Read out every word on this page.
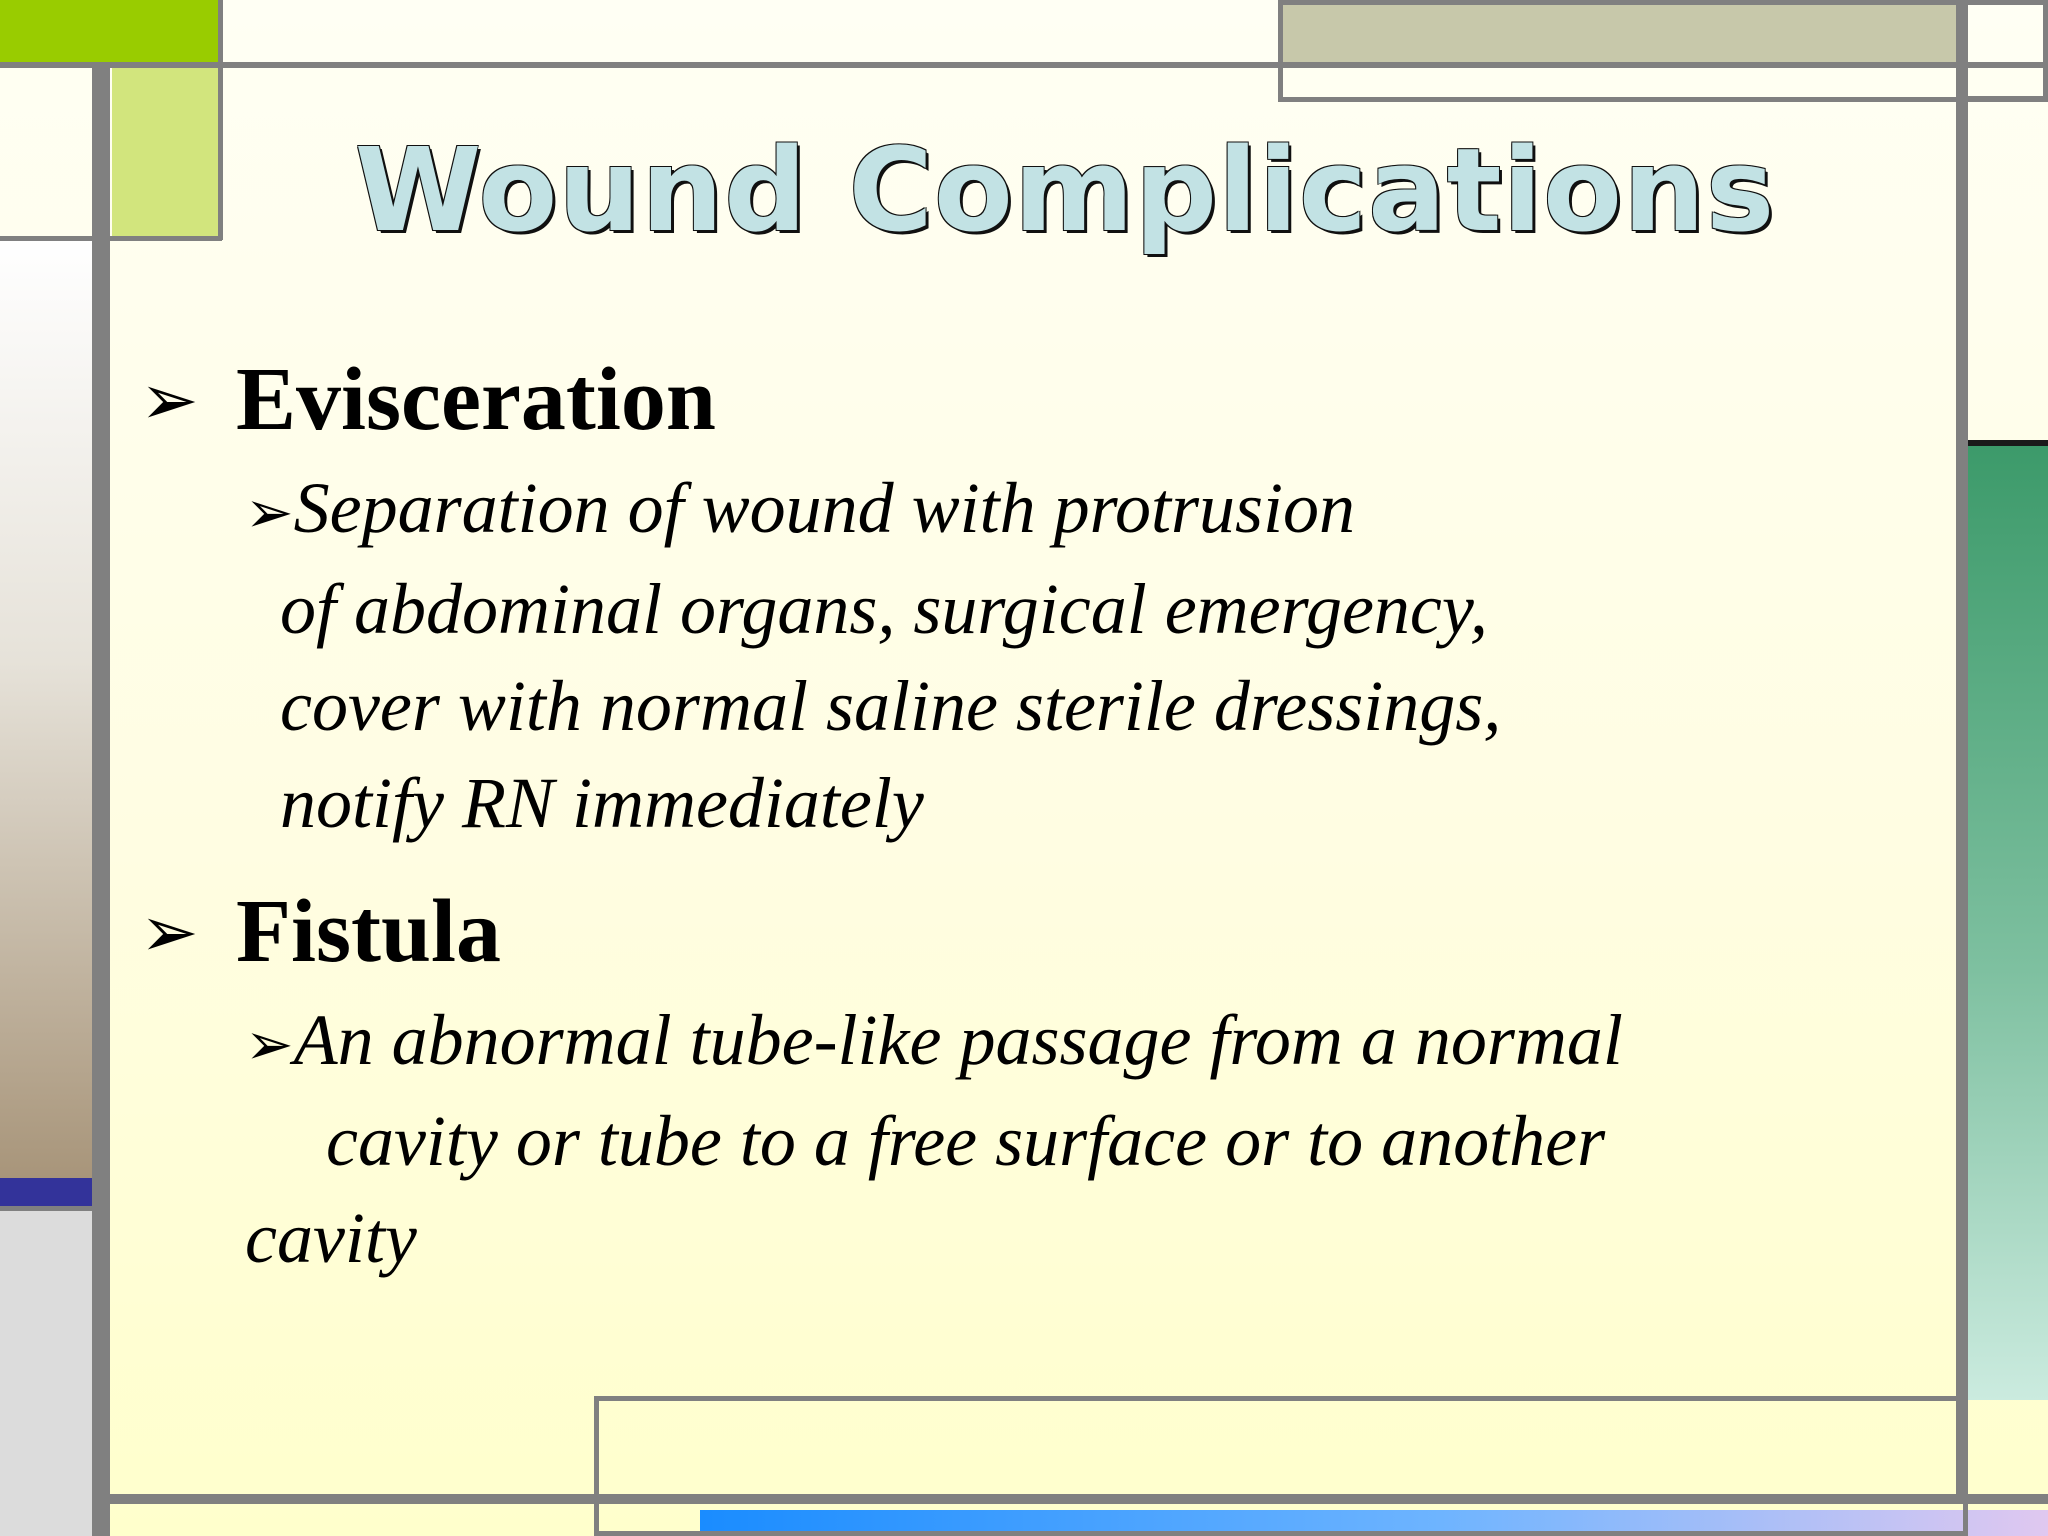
Wound Complications
➢ Evisceration

➢Separation of wound with protrusion

of abdominal organs, surgical emergency,

cover with normal saline sterile dressings,

notify RN immediately

➢ Fistula

➢An abnormal tube-like passage from a normal

cavity or tube to a free surface or to another

cavity
